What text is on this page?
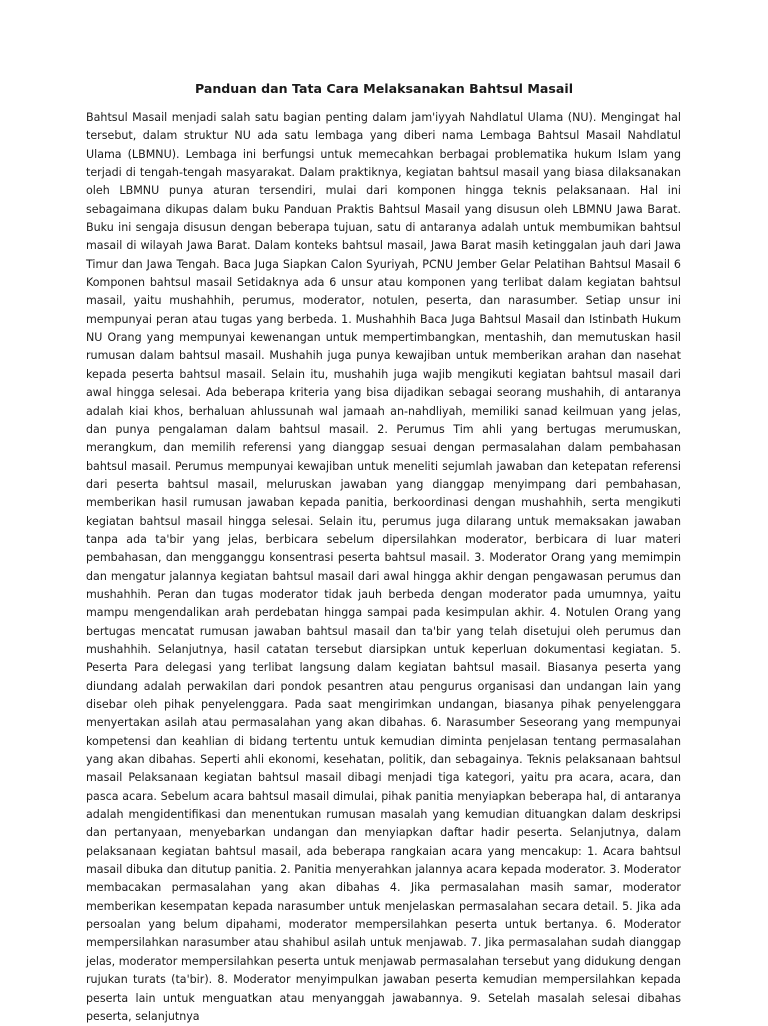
Panduan dan Tata Cara Melaksanakan Bahtsul Masail

Bahtsul Masail menjadi salah satu bagian penting dalam jam'iyyah Nahdlatul Ulama (NU). Mengingat hal tersebut, dalam struktur NU ada satu lembaga yang diberi nama Lembaga Bahtsul Masail Nahdlatul Ulama (LBMNU). Lembaga ini berfungsi untuk memecahkan berbagai problematika hukum Islam yang terjadi di tengah-tengah masyarakat. Dalam praktiknya, kegiatan bahtsul masail yang biasa dilaksanakan oleh LBMNU punya aturan tersendiri, mulai dari komponen hingga teknis pelaksanaan. Hal ini sebagaimana dikupas dalam buku Panduan Praktis Bahtsul Masail yang disusun oleh LBMNU Jawa Barat. Buku ini sengaja disusun dengan beberapa tujuan, satu di antaranya adalah untuk membumikan bahtsul masail di wilayah Jawa Barat. Dalam konteks bahtsul masail, Jawa Barat masih ketinggalan jauh dari Jawa Timur dan Jawa Tengah. Baca Juga Siapkan Calon Syuriyah, PCNU Jember Gelar Pelatihan Bahtsul Masail 6 Komponen bahtsul masail Setidaknya ada 6 unsur atau komponen yang terlibat dalam kegiatan bahtsul masail, yaitu mushahhih, perumus, moderator, notulen, peserta, dan narasumber. Setiap unsur ini mempunyai peran atau tugas yang berbeda. 1. Mushahhih Baca Juga Bahtsul Masail dan Istinbath Hukum NU Orang yang mempunyai kewenangan untuk mempertimbangkan, mentashih, dan memutuskan hasil rumusan dalam bahtsul masail. Mushahih juga punya kewajiban untuk memberikan arahan dan nasehat kepada peserta bahtsul masail. Selain itu, mushahih juga wajib mengikuti kegiatan bahtsul masail dari awal hingga selesai. Ada beberapa kriteria yang bisa dijadikan sebagai seorang mushahih, di antaranya adalah kiai khos, berhaluan ahlussunah wal jamaah an-nahdliyah, memiliki sanad keilmuan yang jelas, dan punya pengalaman dalam bahtsul masail. 2. Perumus Tim ahli yang bertugas merumuskan, merangkum, dan memilih referensi yang dianggap sesuai dengan permasalahan dalam pembahasan bahtsul masail. Perumus mempunyai kewajiban untuk meneliti sejumlah jawaban dan ketepatan referensi dari peserta bahtsul masail, meluruskan jawaban yang dianggap menyimpang dari pembahasan, memberikan hasil rumusan jawaban kepada panitia, berkoordinasi dengan mushahhih, serta mengikuti kegiatan bahtsul masail hingga selesai. Selain itu, perumus juga dilarang untuk memaksakan jawaban tanpa ada ta'bir yang jelas, berbicara sebelum dipersilahkan moderator, berbicara di luar materi pembahasan, dan mengganggu konsentrasi peserta bahtsul masail. 3. Moderator Orang yang memimpin dan mengatur jalannya kegiatan bahtsul masail dari awal hingga akhir dengan pengawasan perumus dan mushahhih. Peran dan tugas moderator tidak jauh berbeda dengan moderator pada umumnya, yaitu mampu mengendalikan arah perdebatan hingga sampai pada kesimpulan akhir. 4. Notulen Orang yang bertugas mencatat rumusan jawaban bahtsul masail dan ta'bir yang telah disetujui oleh perumus dan mushahhih. Selanjutnya, hasil catatan tersebut diarsipkan untuk keperluan dokumentasi kegiatan. 5. Peserta Para delegasi yang terlibat langsung dalam kegiatan bahtsul masail. Biasanya peserta yang diundang adalah perwakilan dari pondok pesantren atau pengurus organisasi dan undangan lain yang disebar oleh pihak penyelenggara. Pada saat mengirimkan undangan, biasanya pihak penyelenggara menyertakan asilah atau permasalahan yang akan dibahas. 6. Narasumber Seseorang yang mempunyai kompetensi dan keahlian di bidang tertentu untuk kemudian diminta penjelasan tentang permasalahan yang akan dibahas. Seperti ahli ekonomi, kesehatan, politik, dan sebagainya. Teknis pelaksanaan bahtsul masail Pelaksanaan kegiatan bahtsul masail dibagi menjadi tiga kategori, yaitu pra acara, acara, dan pasca acara. Sebelum acara bahtsul masail dimulai, pihak panitia menyiapkan beberapa hal, di antaranya adalah mengidentifikasi dan menentukan rumusan masalah yang kemudian dituangkan dalam deskripsi dan pertanyaan, menyebarkan undangan dan menyiapkan daftar hadir peserta. Selanjutnya, dalam pelaksanaan kegiatan bahtsul masail, ada beberapa rangkaian acara yang mencakup: 1. Acara bahtsul masail dibuka dan ditutup panitia. 2. Panitia menyerahkan jalannya acara kepada moderator. 3. Moderator membacakan permasalahan yang akan dibahas 4. Jika permasalahan masih samar, moderator memberikan kesempatan kepada narasumber untuk menjelaskan permasalahan secara detail. 5. Jika ada persoalan yang belum dipahami, moderator mempersilahkan peserta untuk bertanya. 6. Moderator mempersilahkan narasumber atau shahibul asilah untuk menjawab. 7. Jika permasalahan sudah dianggap jelas, moderator mempersilahkan peserta untuk menjawab permasalahan tersebut yang didukung dengan rujukan turats (ta'bir). 8. Moderator menyimpulkan jawaban peserta kemudian mempersilahkan kepada peserta lain untuk menguatkan atau menyanggah jawabannya. 9. Setelah masalah selesai dibahas peserta, selanjutnya
